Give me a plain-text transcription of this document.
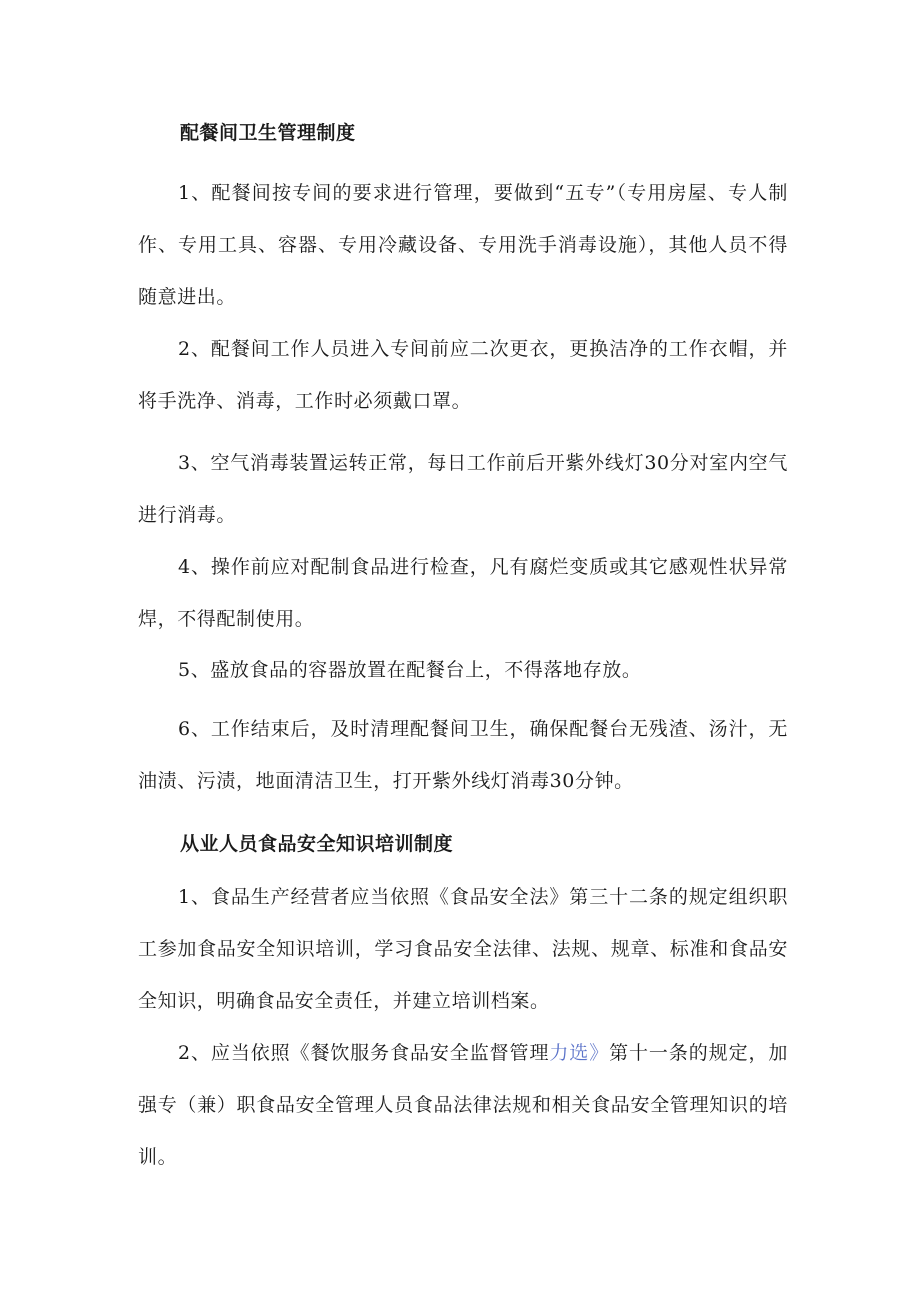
配餐间卫生管理制度
1、配餐间按专间的要求进行管理，要做到“五专”（专用房屋、专人制作、专用工具、容器、专用冷藏设备、专用洗手消毒设施），其他人员不得随意进出。
2、配餐间工作人员进入专间前应二次更衣，更换洁净的工作衣帽，并将手洗净、消毒，工作时必须戴口罩。
3、空气消毒装置运转正常，每日工作前后开紫外线灯30分对室内空气进行消毒。
4、操作前应对配制食品进行检查，凡有腐烂变质或其它感观性状异常焊，不得配制使用。
5、盛放食品的容器放置在配餐台上，不得落地存放。
6、工作结束后，及时清理配餐间卫生，确保配餐台无残渣、汤汁，无油渍、污渍，地面清洁卫生，打开紫外线灯消毒30分钟。
从业人员食品安全知识培训制度
1、食品生产经营者应当依照《食品安全法》第三十二条的规定组织职工参加食品安全知识培训，学习食品安全法律、法规、规章、标准和食品安全知识，明确食品安全责任，并建立培训档案。
2、应当依照《餐饮服务食品安全监督管理力选》第十一条的规定，加强专（兼）职食品安全管理人员食品法律法规和相关食品安全管理知识的培训。
